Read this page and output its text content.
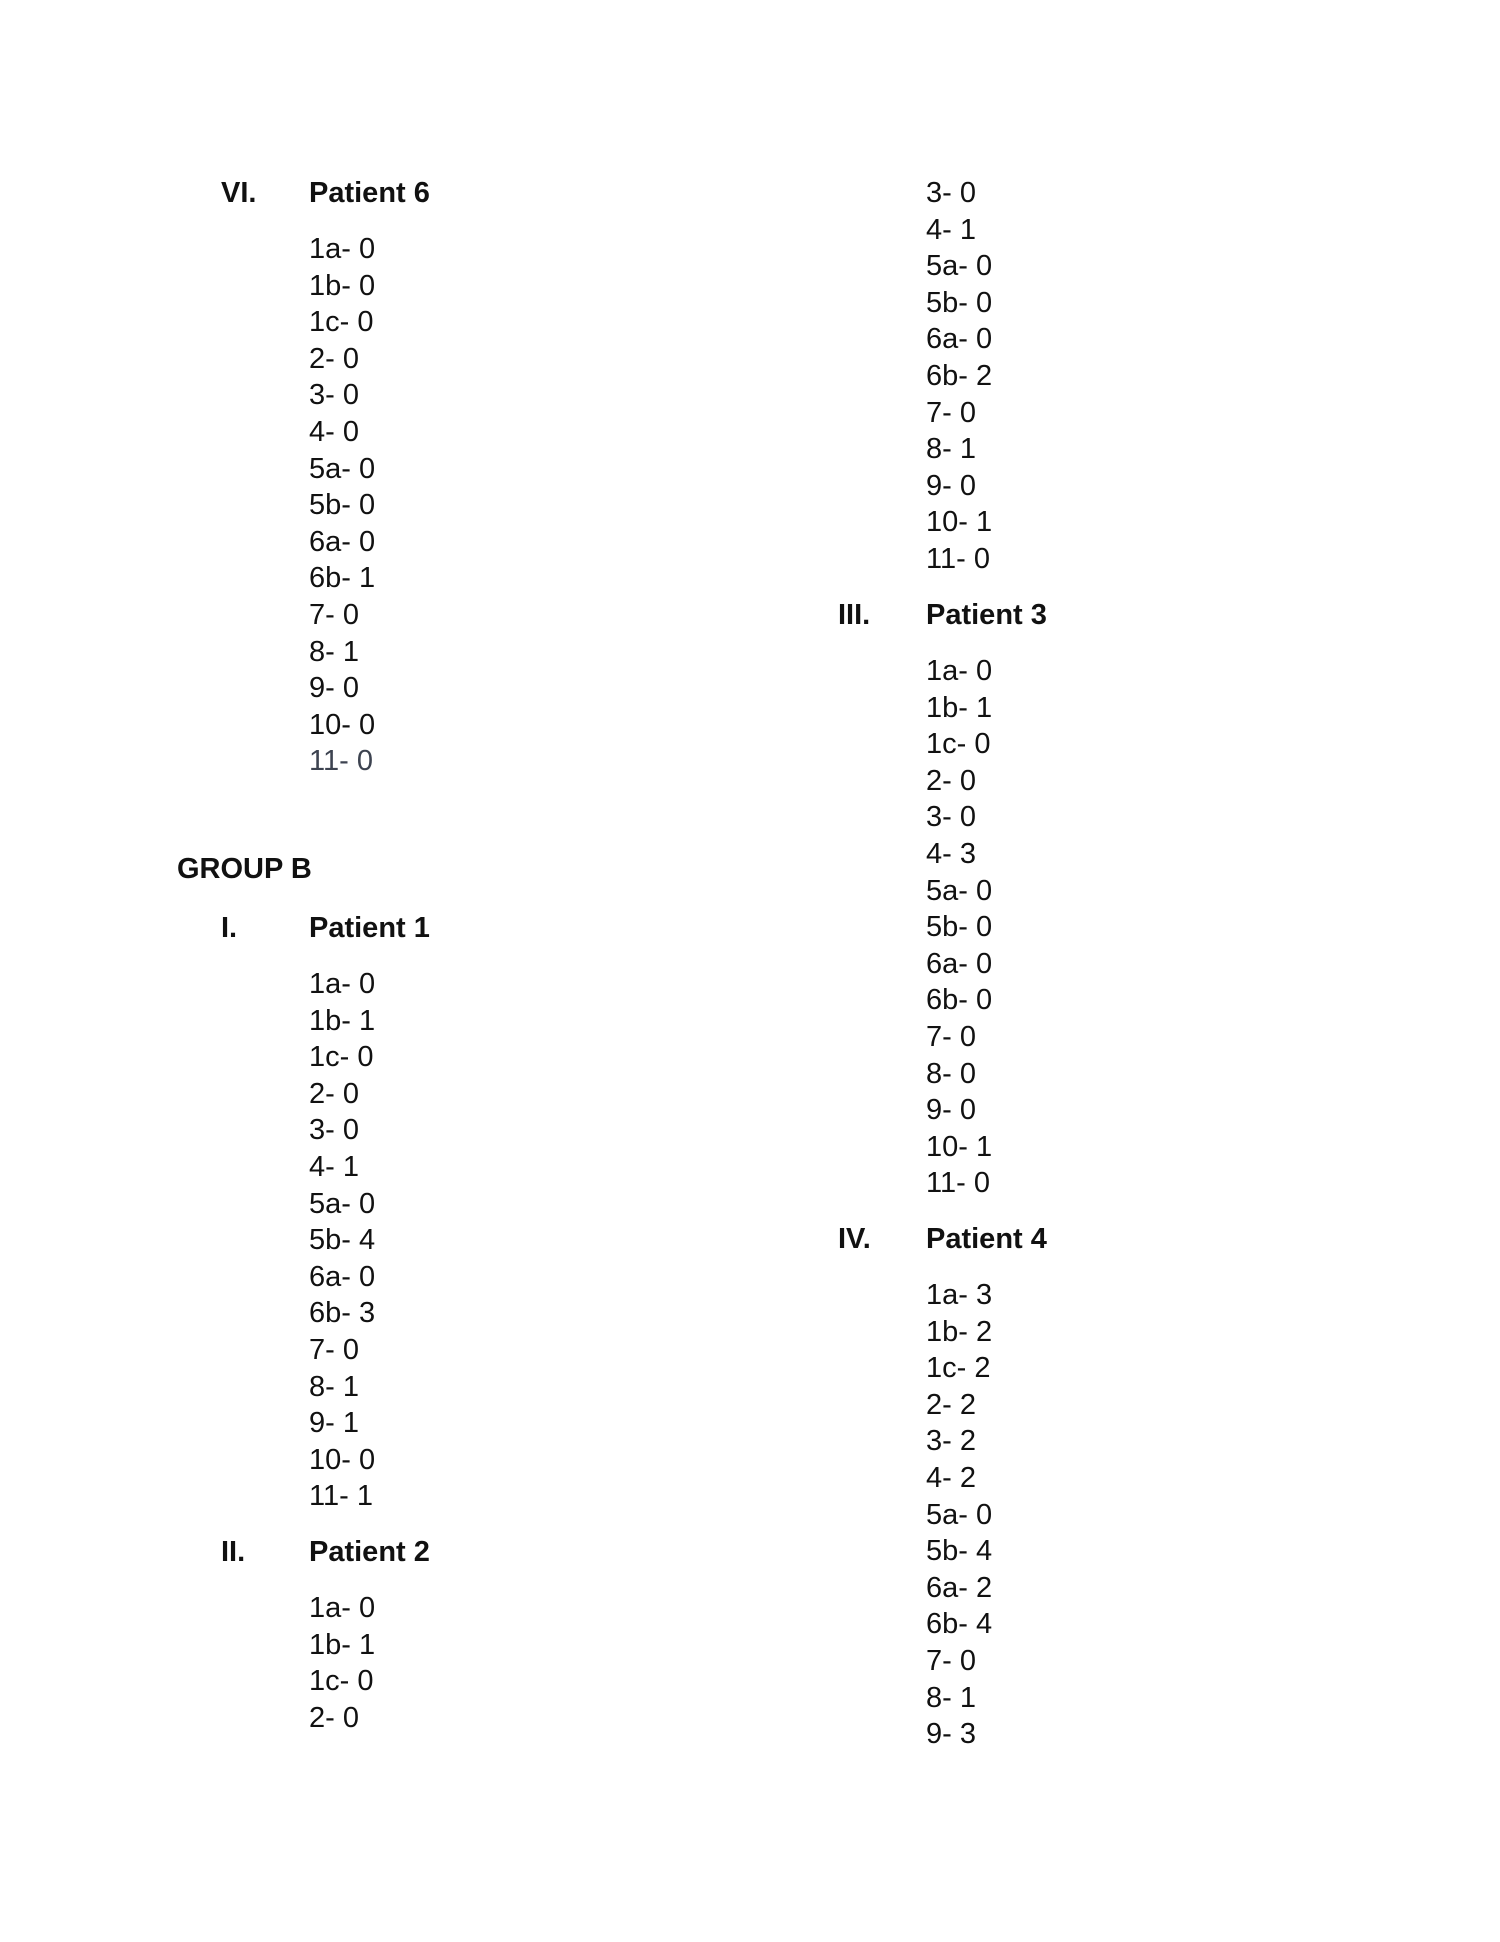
VI. Patient 6
1a- 0
1b- 0
1c- 0
2- 0
3- 0
4- 0
5a- 0
5b- 0
6a- 0
6b- 1
7- 0
8- 1
9- 0
10- 0
11- 0
GROUP B
I. Patient 1
1a- 0
1b- 1
1c- 0
2- 0
3- 0
4- 1
5a- 0
5b- 4
6a- 0
6b- 3
7- 0
8- 1
9- 1
10- 0
11- 1
II. Patient 2
1a- 0
1b- 1
1c- 0
2- 0
3- 0
4- 1
5a- 0
5b- 0
6a- 0
6b- 2
7- 0
8- 1
9- 0
10- 1
11- 0
III. Patient 3
1a- 0
1b- 1
1c- 0
2- 0
3- 0
4- 3
5a- 0
5b- 0
6a- 0
6b- 0
7- 0
8- 0
9- 0
10- 1
11- 0
IV. Patient 4
1a- 3
1b- 2
1c- 2
2- 2
3- 2
4- 2
5a- 0
5b- 4
6a- 2
6b- 4
7- 0
8- 1
9- 3
